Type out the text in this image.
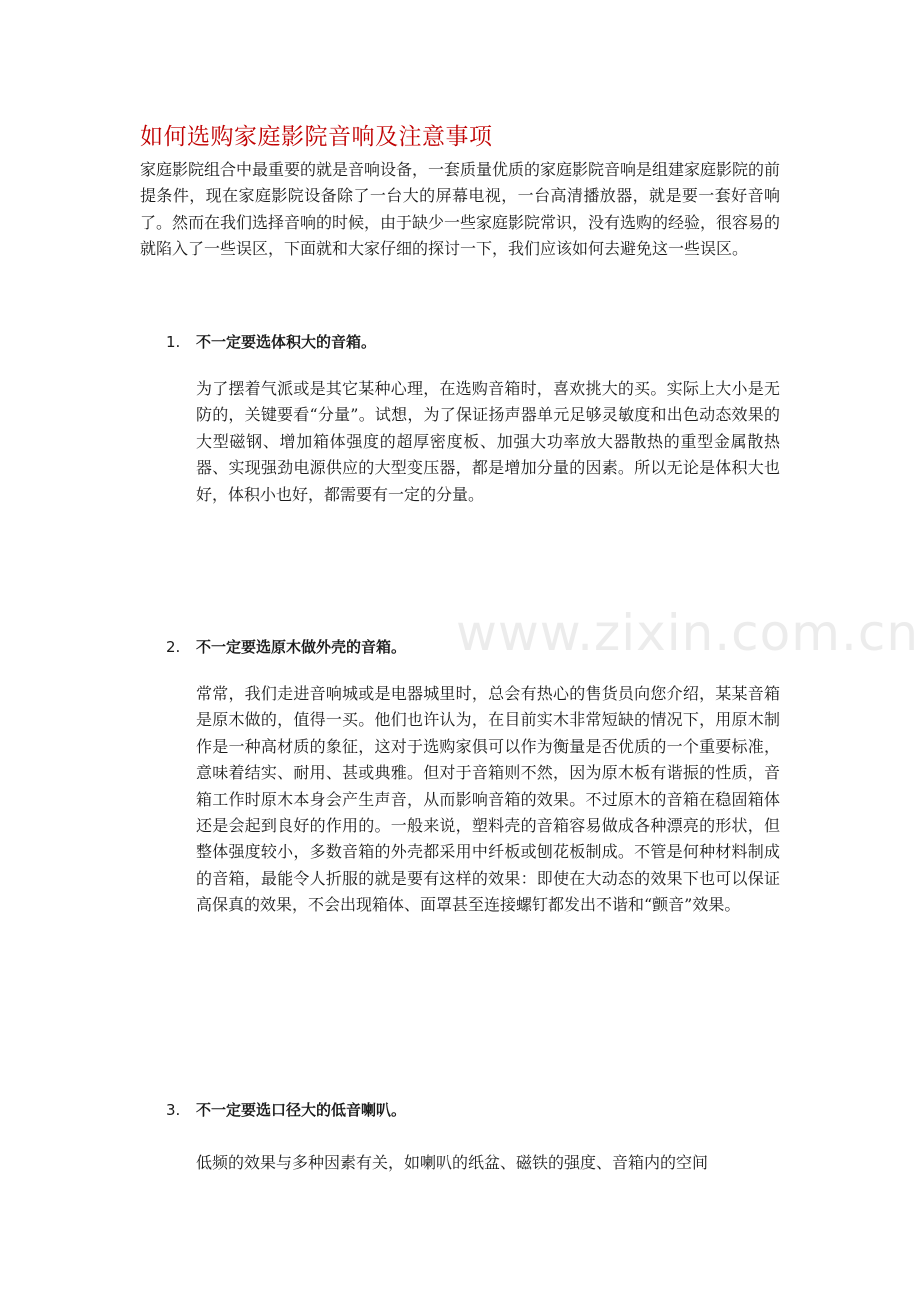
www.zixin.com.cn
如何选购家庭影院音响及注意事项
家庭影院组合中最重要的就是音响设备，一套质量优质的家庭影院音响是组建家庭影院的前提条件，现在家庭影院设备除了一台大的屏幕电视，一台高清播放器，就是要一套好音响了。然而在我们选择音响的时候，由于缺少一些家庭影院常识，没有选购的经验，很容易的就陷入了一些误区，下面就和大家仔细的探讨一下，我们应该如何去避免这一些误区。
1. 不一定要选体积大的音箱。
为了摆着气派或是其它某种心理，在选购音箱时，喜欢挑大的买。实际上大小是无防的，关键要看“分量”。试想，为了保证扬声器单元足够灵敏度和出色动态效果的大型磁钢、增加箱体强度的超厚密度板、加强大功率放大器散热的重型金属散热器、实现强劲电源供应的大型变压器，都是增加分量的因素。所以无论是体积大也好，体积小也好，都需要有一定的分量。
2. 不一定要选原木做外壳的音箱。
常常，我们走进音响城或是电器城里时，总会有热心的售货员向您介绍，某某音箱是原木做的，值得一买。他们也许认为，在目前实木非常短缺的情况下，用原木制作是一种高材质的象征，这对于选购家俱可以作为衡量是否优质的一个重要标准，意味着结实、耐用、甚或典雅。但对于音箱则不然，因为原木板有谐振的性质，音箱工作时原木本身会产生声音，从而影响音箱的效果。不过原木的音箱在稳固箱体还是会起到良好的作用的。一般来说，塑料壳的音箱容易做成各种漂亮的形状，但整体强度较小，多数音箱的外壳都采用中纤板或刨花板制成。不管是何种材料制成的音箱，最能令人折服的就是要有这样的效果：即使在大动态的效果下也可以保证高保真的效果，不会出现箱体、面罩甚至连接螺钉都发出不谐和“颤音”效果。
3. 不一定要选口径大的低音喇叭。
低频的效果与多种因素有关，如喇叭的纸盆、磁铁的强度、音箱内的空间
